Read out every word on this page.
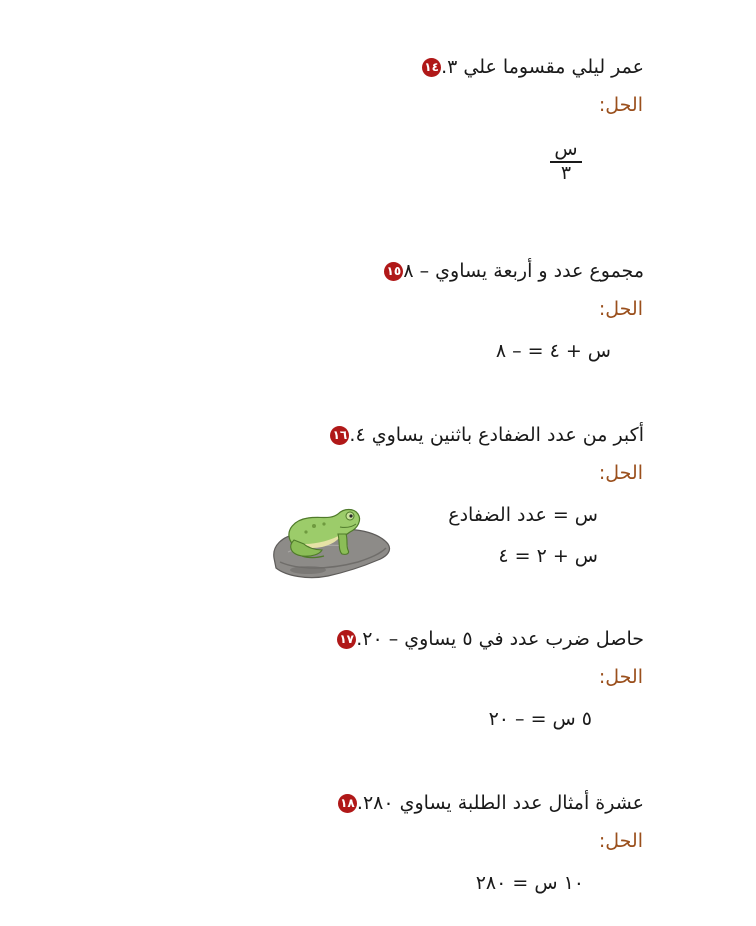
١٤ عمر ليلي مقسوما علي ٣.
الحل:
س
٣
١٥ مجموع عدد و أربعة يساوي – ٨
الحل:
س + ٤ = – ٨
١٦ أكبر من عدد الضفادع باثنين يساوي ٤.
الحل:
س = عدد الضفادع
س + ٢ = ٤
١٧ حاصل ضرب عدد في ٥ يساوي – ٢٠.
الحل:
٥ س = – ٢٠
١٨ عشرة أمثال عدد الطلبة يساوي ٢٨٠.
الحل:
١٠ س = ٢٨٠
